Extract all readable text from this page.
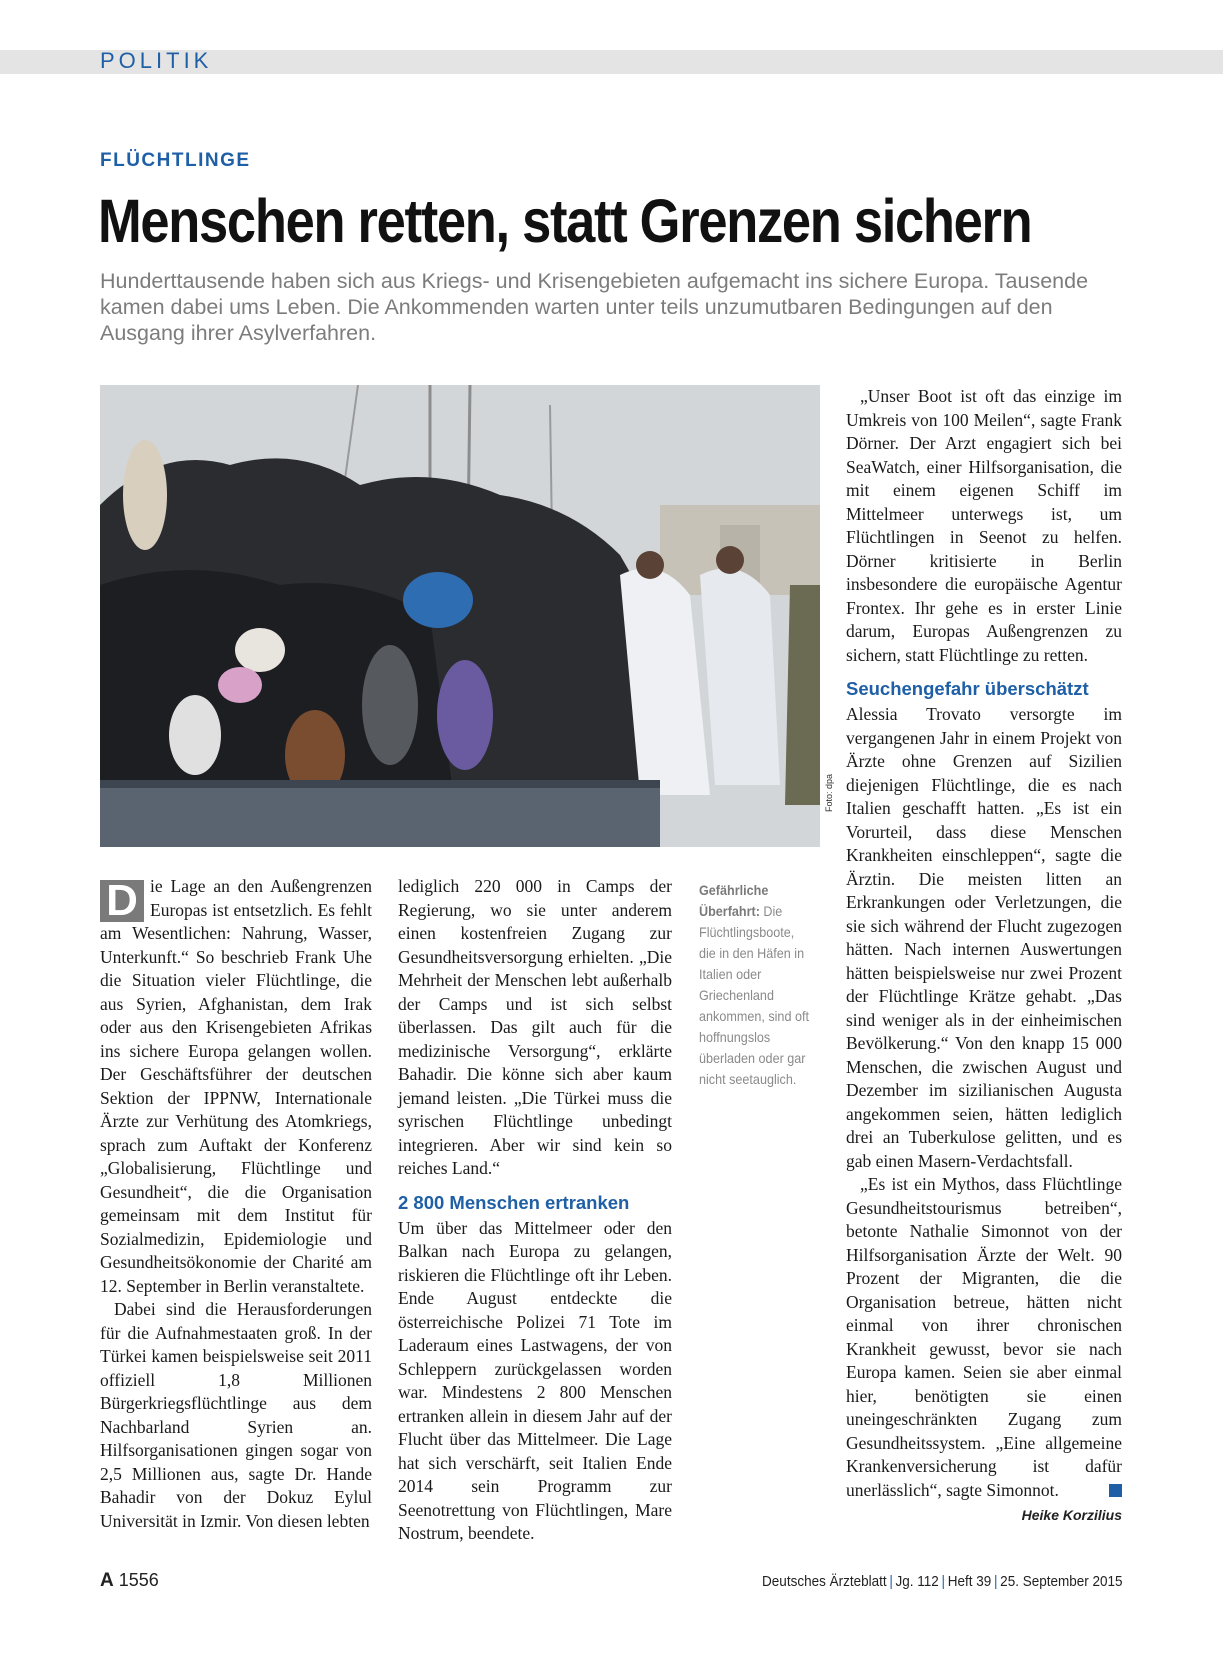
POLITIK
FLÜCHTLINGE
Menschen retten, statt Grenzen sichern
Hunderttausende haben sich aus Kriegs- und Krisengebieten aufgemacht ins sichere Europa. Tausende kamen dabei ums Leben. Die Ankommenden warten unter teils unzumutbaren Bedingungen auf den Ausgang ihrer Asylverfahren.
Foto: dpa
D ie Lage an den Außengrenzen Europas ist entsetzlich. Es fehlt am Wesentlichen: Nahrung, Wasser, Unterkunft.“ So beschrieb Frank Uhe die Situation vieler Flüchtlinge, die aus Syrien, Afghanistan, dem Irak oder aus den Krisengebieten Afrikas ins sichere Europa gelangen wollen. Der Geschäftsführer der deutschen Sektion der IPPNW, Internationale Ärzte zur Verhütung des Atomkriegs, sprach zum Auftakt der Konferenz „Globalisierung, Flüchtlinge und Gesundheit“, die die Organisation gemeinsam mit dem Institut für Sozialmedizin, Epidemiologie und Gesundheitsökonomie der Charité am 12. September in Berlin veranstaltete.

Dabei sind die Herausforderungen für die Aufnahmestaaten groß. In der Türkei kamen beispielsweise seit 2011 offiziell 1,8 Millionen Bürgerkriegsflüchtlinge aus dem Nachbarland Syrien an. Hilfsorganisationen gingen sogar von 2,5 Millionen aus, sagte Dr. Hande Bahadir von der Dokuz Eylul Universität in Izmir. Von diesen lebten

lediglich 220 000 in Camps der Regierung, wo sie unter anderem einen kostenfreien Zugang zur Gesundheitsversorgung erhielten. „Die Mehrheit der Menschen lebt außerhalb der Camps und ist sich selbst überlassen. Das gilt auch für die medizinische Versorgung“, erklärte Bahadir. Die könne sich aber kaum jemand leisten. „Die Türkei muss die syrischen Flüchtlinge unbedingt integrieren. Aber wir sind kein so reiches Land.“

2 800 Menschen ertranken

Um über das Mittelmeer oder den Balkan nach Europa zu gelangen, riskieren die Flüchtlinge oft ihr Leben. Ende August entdeckte die österreichische Polizei 71 Tote im Laderaum eines Lastwagens, der von Schleppern zurückgelassen worden war. Mindestens 2 800 Menschen ertranken allein in diesem Jahr auf der Flucht über das Mittelmeer. Die Lage hat sich verschärft, seit Italien Ende 2014 sein Programm zur Seenotrettung von Flüchtlingen, Mare Nostrum, beendete.

Gefährliche Überfahrt: Die Flüchtlingsboote, die in den Häfen in Italien oder Griechenland ankommen, sind oft hoffnungslos überladen oder gar nicht seetauglich.

„Unser Boot ist oft das einzige im Umkreis von 100 Meilen“, sagte Frank Dörner. Der Arzt engagiert sich bei SeaWatch, einer Hilfsorganisation, die mit einem eigenen Schiff im Mittelmeer unterwegs ist, um Flüchtlingen in Seenot zu helfen. Dörner kritisierte in Berlin insbesondere die europäische Agentur Frontex. Ihr gehe es in erster Linie darum, Europas Außengrenzen zu sichern, statt Flüchtlinge zu retten.

Seuchengefahr überschätzt

Alessia Trovato versorgte im vergangenen Jahr in einem Projekt von Ärzte ohne Grenzen auf Sizilien diejenigen Flüchtlinge, die es nach Italien geschafft hatten. „Es ist ein Vorurteil, dass diese Menschen Krankheiten einschleppen“, sagte die Ärztin. Die meisten litten an Erkrankungen oder Verletzungen, die sie sich während der Flucht zugezogen hätten. Nach internen Auswertungen hätten beispielsweise nur zwei Prozent der Flüchtlinge Krätze gehabt. „Das sind weniger als in der einheimischen Bevölkerung.“ Von den knapp 15 000 Menschen, die zwischen August und Dezember im sizilianischen Augusta angekommen seien, hätten lediglich drei an Tuberkulose gelitten, und es gab einen Masern-Verdachtsfall.

„Es ist ein Mythos, dass Flüchtlinge Gesundheitstourismus betreiben“, betonte Nathalie Simonnot von der Hilfsorganisation Ärzte der Welt. 90 Prozent der Migranten, die die Organisation betreue, hätten nicht einmal von ihrer chronischen Krankheit gewusst, bevor sie nach Europa kamen. Seien sie aber einmal hier, benötigten sie einen uneingeschränkten Zugang zum Gesundheitssystem. „Eine allgemeine Krankenversicherung ist dafür unerlässlich“, sagte Simonnot.

Heike Korzilius
A 1556	Deutsches Ärzteblatt | Jg. 112 | Heft 39 | 25. September 2015
